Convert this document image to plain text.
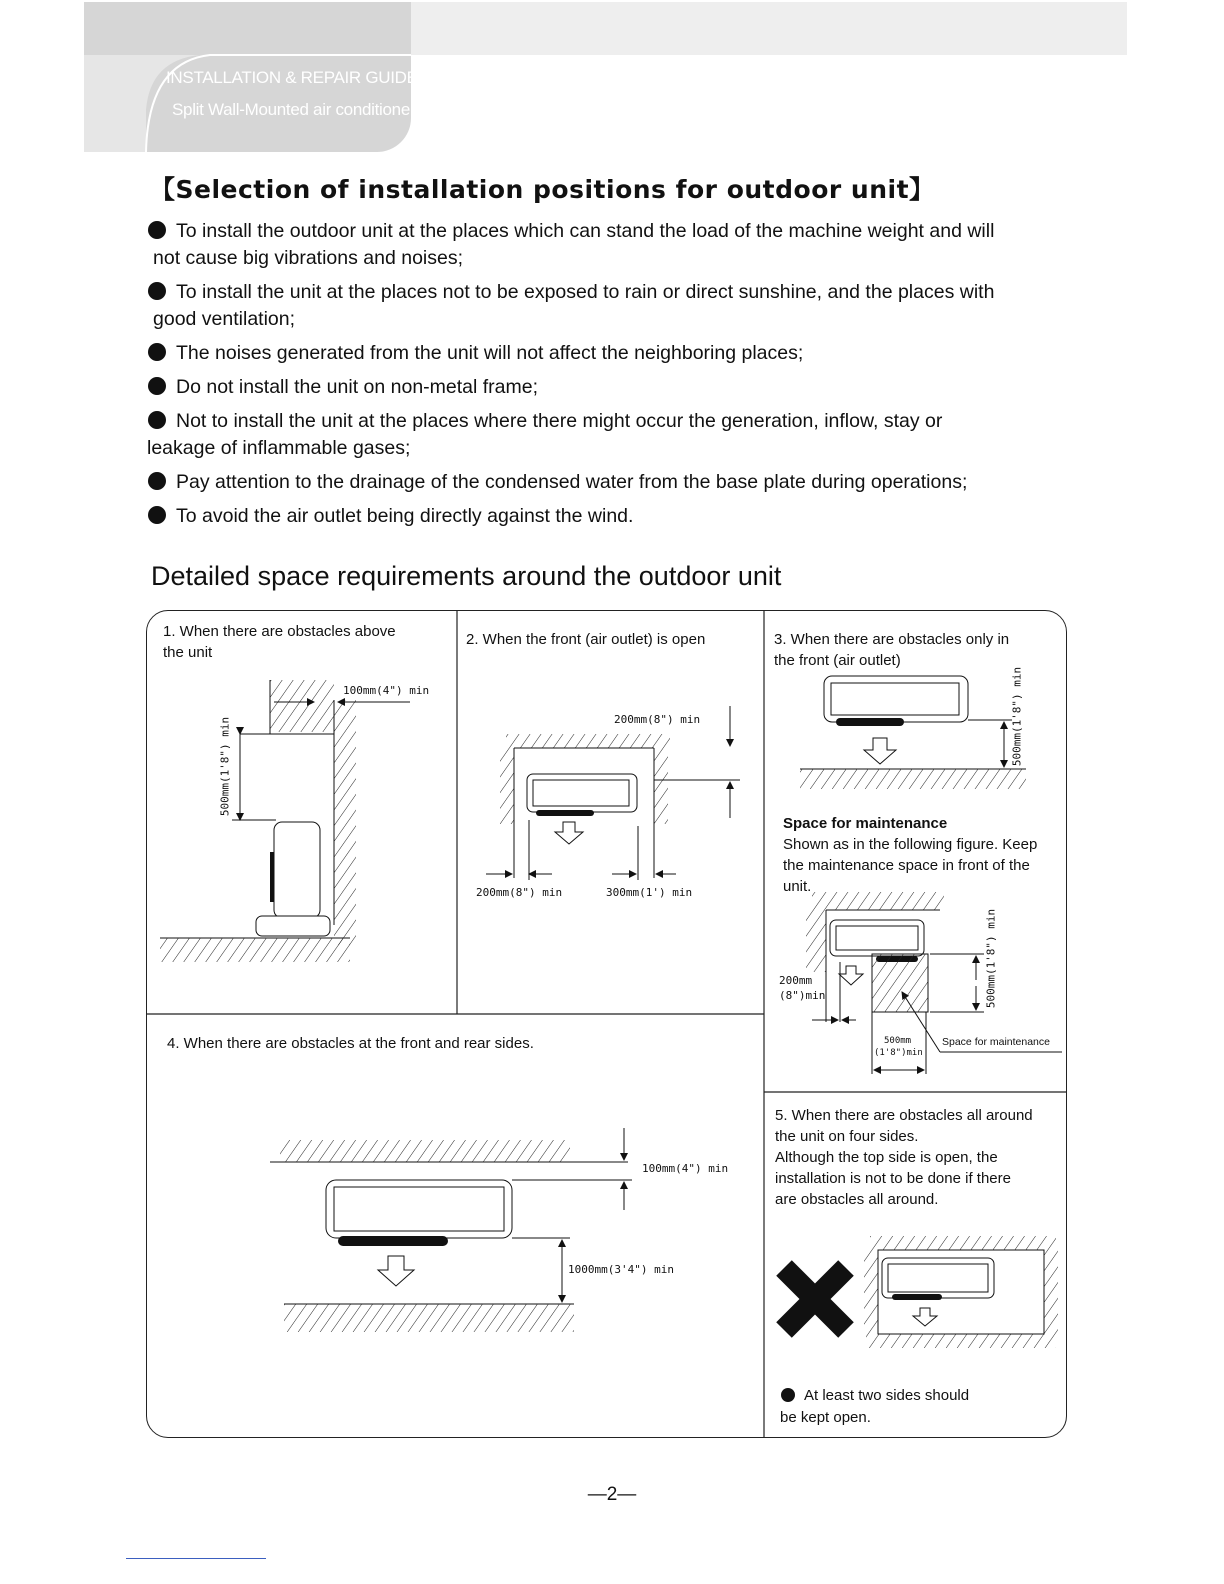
INSTALLATION & REPAIR GUIDE
Split Wall-Mounted air conditioner
【Selection of installation positions for outdoor unit】
To install the outdoor unit at the places which can stand the load of the machine weight and will
not cause big vibrations and noises;
To install the unit at the places not to be exposed to rain or direct sunshine, and the places with
good ventilation;
The noises generated from the unit will not affect the neighboring places;
Do not install the unit on non-metal frame;
Not to install the unit at the places where there might occur the generation, inflow, stay or
leakage of inflammable gases;
Pay attention to the drainage of the condensed water from the base plate during operations;
To avoid the air outlet being directly against the wind.
Detailed space requirements around the outdoor unit
1. When there are obstacles above
the unit
100mm(4") min
500mm(1'8") min
2. When the front (air outlet) is open
200mm(8") min
200mm(8") min	300mm(1') min
3. When there are obstacles only in
the front (air outlet)
500mm(1'8") min
Space for maintenance
Shown as in the following figure. Keep
the maintenance space in front of the
unit.
500mm(1'8") min
200mm
(8")min
500mm
(1'8")min
Space for maintenance
4. When there are obstacles at the front and rear sides.
100mm(4") min
1000mm(3'4") min
5. When there are obstacles all around
the unit on four sides.
Although the top side is open, the
installation is not to be done if there
are obstacles all around.
At least two sides should
be kept open.
—2—
